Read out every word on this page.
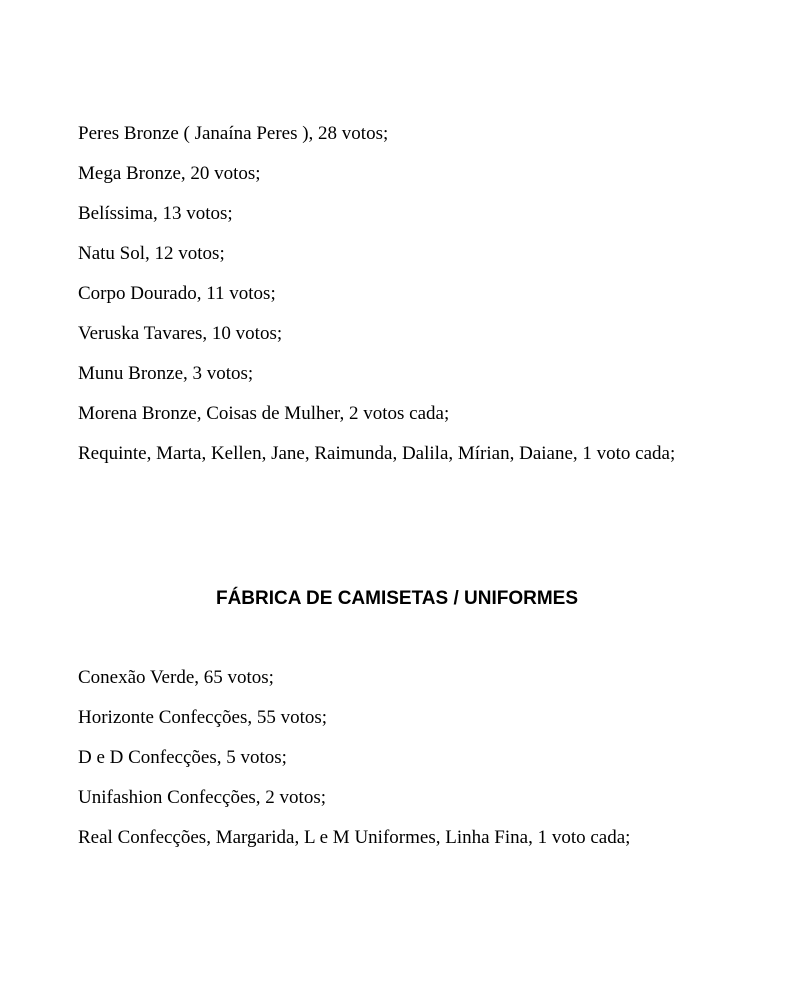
Peres Bronze ( Janaína Peres ), 28 votos;
Mega Bronze, 20 votos;
Belíssima, 13 votos;
Natu Sol, 12 votos;
Corpo Dourado, 11 votos;
Veruska Tavares, 10 votos;
Munu Bronze, 3 votos;
Morena Bronze, Coisas de Mulher, 2 votos cada;
Requinte, Marta, Kellen, Jane, Raimunda, Dalila, Mírian, Daiane, 1 voto cada;
FÁBRICA DE CAMISETAS / UNIFORMES
Conexão Verde, 65 votos;
Horizonte Confecções, 55 votos;
D e D Confecções, 5 votos;
Unifashion Confecções, 2 votos;
Real Confecções, Margarida, L e M Uniformes, Linha Fina, 1 voto cada;
